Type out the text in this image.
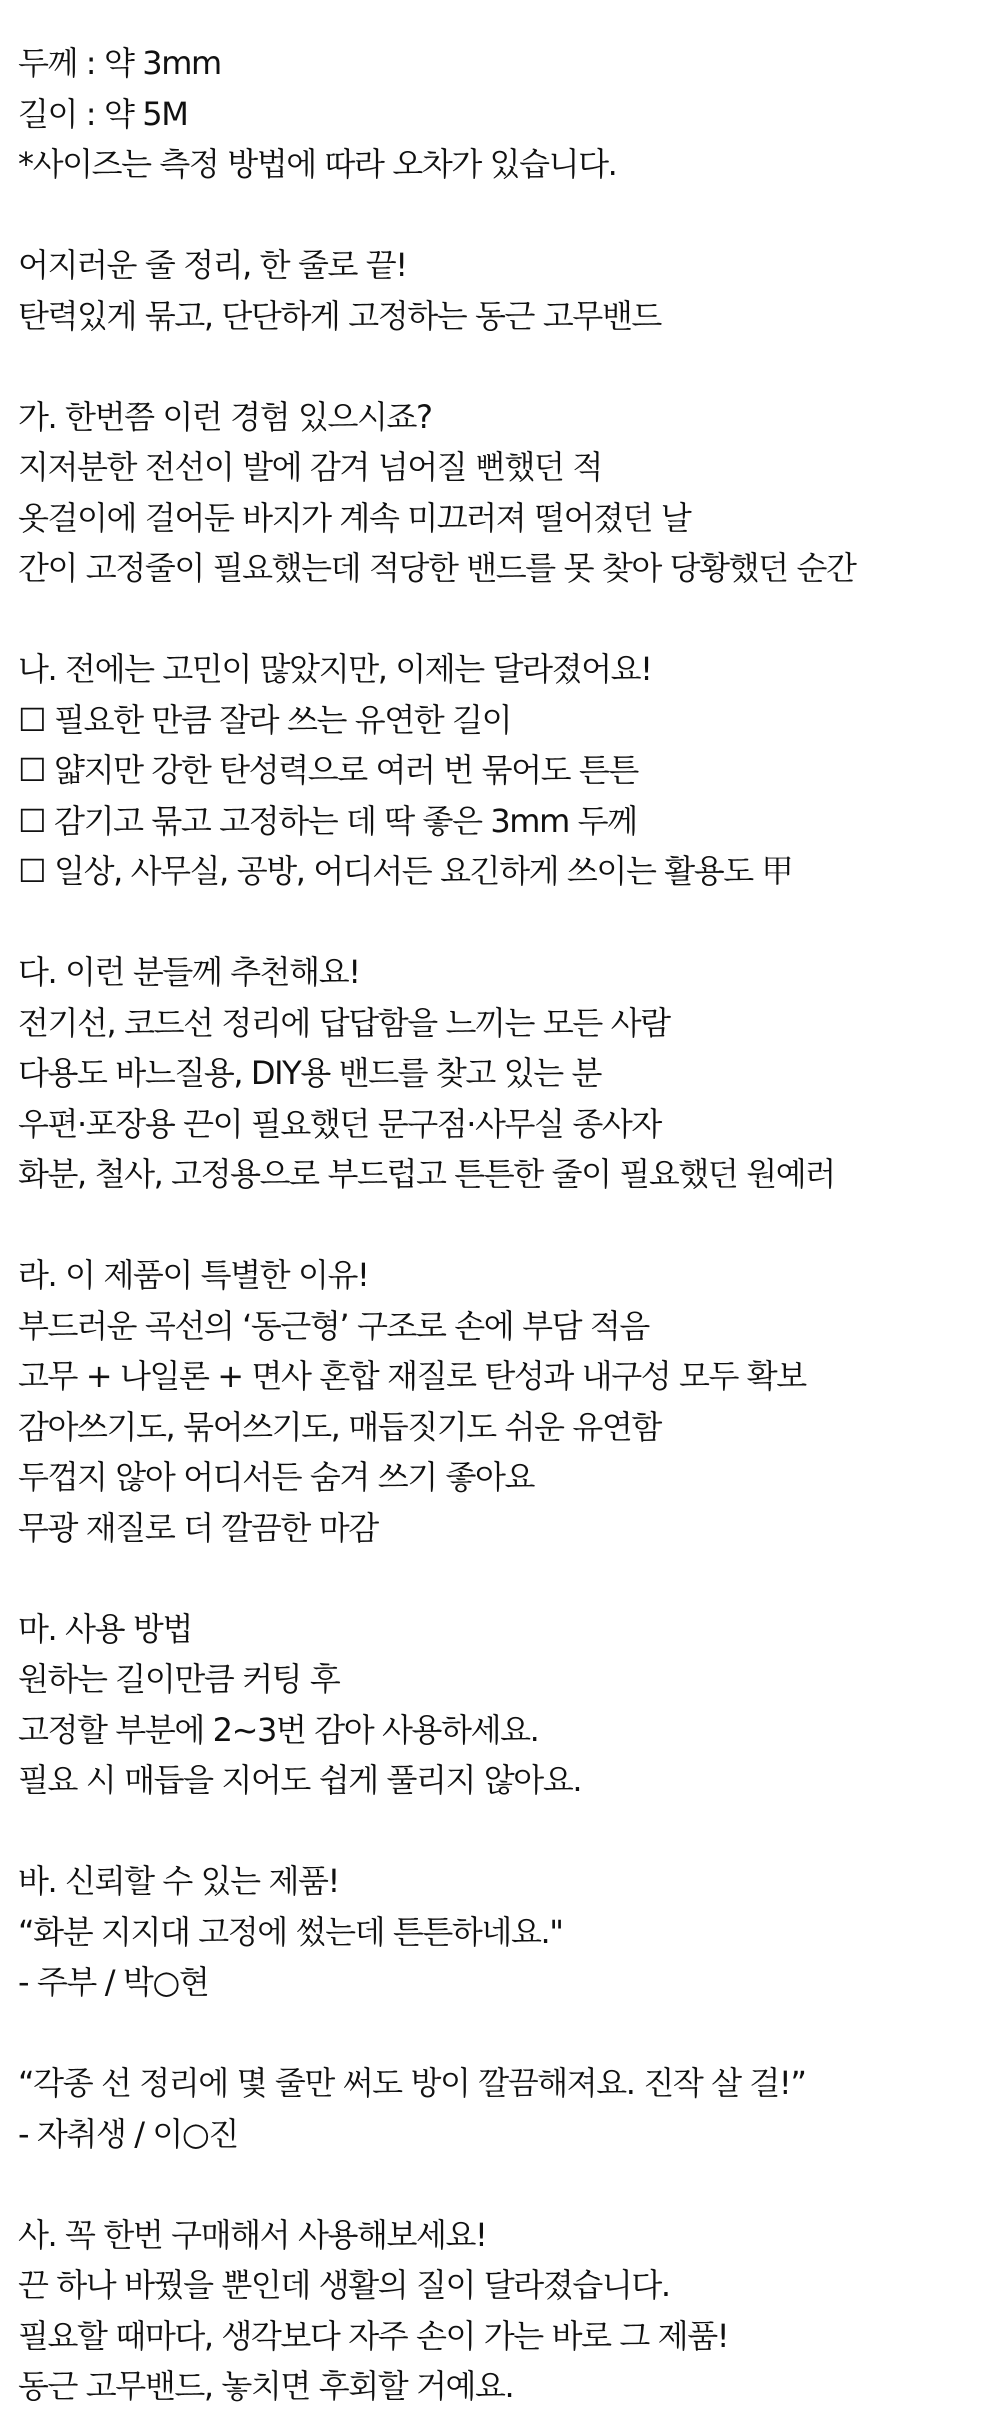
두께 : 약 3mm
길이 : 약 5M
*사이즈는 측정 방법에 따라 오차가 있습니다.
어지러운 줄 정리, 한 줄로 끝!
탄력있게 묶고, 단단하게 고정하는 동근 고무밴드
가. 한번쯤 이런 경험 있으시죠?
지저분한 전선이 발에 감겨 넘어질 뻔했던 적
옷걸이에 걸어둔 바지가 계속 미끄러져 떨어졌던 날
간이 고정줄이 필요했는데 적당한 밴드를 못 찾아 당황했던 순간
나. 전에는 고민이 많았지만, 이제는 달라졌어요!
☐ 필요한 만큼 잘라 쓰는 유연한 길이
☐ 얇지만 강한 탄성력으로 여러 번 묶어도 튼튼
☐ 감기고 묶고 고정하는 데 딱 좋은 3mm 두께
☐ 일상, 사무실, 공방, 어디서든 요긴하게 쓰이는 활용도 甲
다. 이런 분들께 추천해요!
전기선, 코드선 정리에 답답함을 느끼는 모든 사람
다용도 바느질용, DIY용 밴드를 찾고 있는 분
우편·포장용 끈이 필요했던 문구점·사무실 종사자
화분, 철사, 고정용으로 부드럽고 튼튼한 줄이 필요했던 원예러
라. 이 제품이 특별한 이유!
부드러운 곡선의 ‘동근형’ 구조로 손에 부담 적음
고무 + 나일론 + 면사 혼합 재질로 탄성과 내구성 모두 확보
감아쓰기도, 묶어쓰기도, 매듭짓기도 쉬운 유연함
두껍지 않아 어디서든 숨겨 쓰기 좋아요
무광 재질로 더 깔끔한 마감
마. 사용 방법
원하는 길이만큼 커팅 후
고정할 부분에 2~3번 감아 사용하세요.
필요 시 매듭을 지어도 쉽게 풀리지 않아요.
바. 신뢰할 수 있는 제품!
“화분 지지대 고정에 썼는데 튼튼하네요."
- 주부 / 박○현
“각종 선 정리에 몇 줄만 써도 방이 깔끔해져요. 진작 살 걸!”
- 자취생 / 이○진
사. 꼭 한번 구매해서 사용해보세요!
끈 하나 바꿨을 뿐인데 생활의 질이 달라졌습니다.
필요할 때마다, 생각보다 자주 손이 가는 바로 그 제품!
동근 고무밴드, 놓치면 후회할 거예요.
